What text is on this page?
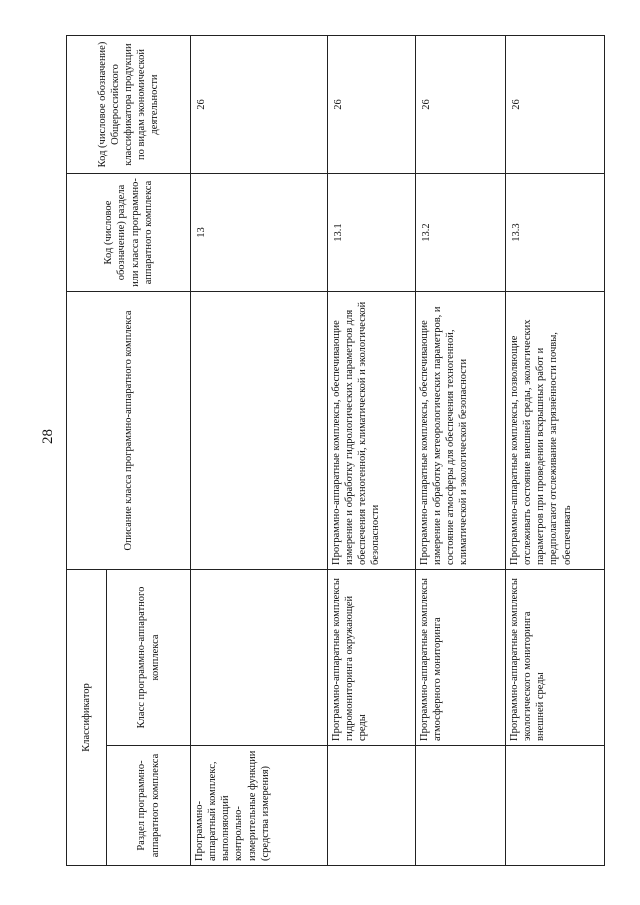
28
Классификатор		Описание класса программно-аппаратного комплекса	Код (числовое обозначение) раздела или класса программно-аппаратного комплекса	Код (числовое обозначение) Общероссийского классификатора продукции по видам экономической деятельности
Раздел программно-аппаратного комплекса	Класс программно-аппаратного комплекса			
Программно-аппаратный комплекс, выполняющий контрольно-измерительные функции (средства измерения)			13	26
	Программно-аппаратные комплексы гидромониторинга окружающей среды	Программно-аппаратные комплексы, обеспечивающие измерение и обработку гидрологических параметров для обеспечения техногенной, климатической и экологической безопасности	13.1	26
	Программно-аппаратные комплексы атмосферного мониторинга	Программно-аппаратные комплексы, обеспечивающие измерение и обработку метеорологических параметров, и состояние атмосферы для обеспечения техногенной, климатической и экологической безопасности	13.2	26
	Программно-аппаратные комплексы экологического мониторинга внешней среды	Программно-аппаратные комплексы, позволяющие отслеживать состояние внешней среды, экологических параметров при проведении вскрышных работ и предполагают отслеживание загрязнённости почвы, обеспечивать	13.3	26
